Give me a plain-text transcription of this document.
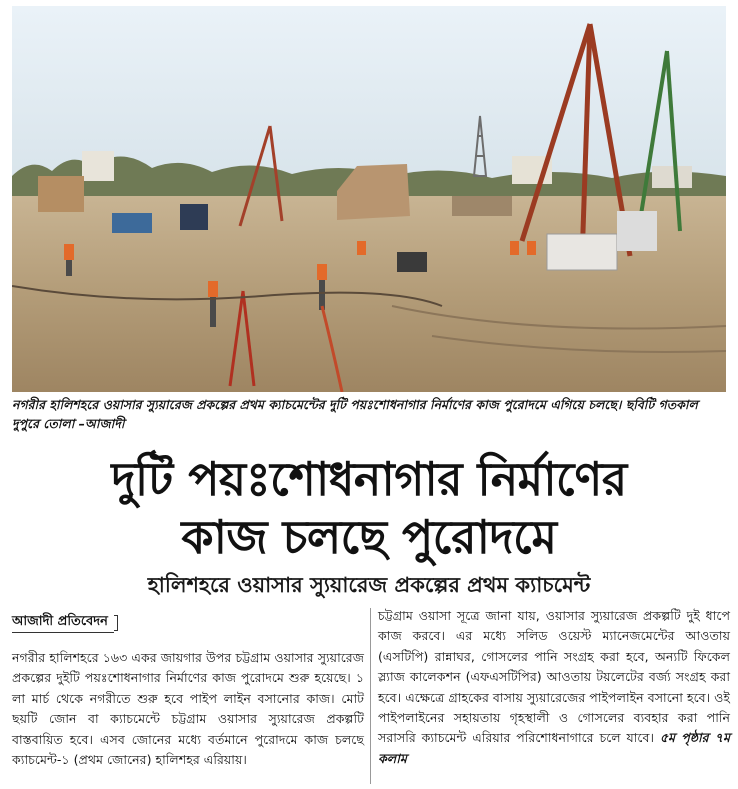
নগরীর হালিশহরে ওয়াসার স্যুয়ারেজ প্রকল্পের প্রথম ক্যাচমেন্টের দুটি পয়ঃশোধনাগার নির্মাণের কাজ পুরোদমে এগিয়ে চলছে। ছবিটি গতকাল দুপুরে তোলা –আজাদী
দুটি পয়ঃশোধনাগার নির্মাণের
কাজ চলছে পুরোদমে
হালিশহরে ওয়াসার স্যুয়ারেজ প্রকল্পের প্রথম ক্যাচমেন্ট
আজাদী প্রতিবেদন
নগরীর হালিশহরে ১৬৩ একর জায়গার উপর চট্টগ্রাম ওয়াসার স্যুয়ারেজ প্রকল্পের দুইটি পয়ঃশোধনাগার নির্মাণের কাজ পুরোদমে শুরু হয়েছে। ১ লা মার্চ থেকে নগরীতে শুরু হবে পাইপ লাইন বসানোর কাজ। মোট ছয়টি জোন বা ক্যাচমেন্টে চট্টগ্রাম ওয়াসার স্যুয়ারেজ প্রকল্পটি বাস্তবায়িত হবে। এসব জোনের মধ্যে বর্তমানে পুরোদমে কাজ চলছে ক্যাচমেন্ট-১ (প্রথম জোনের) হালিশহর এরিয়ায়।
চট্টগ্রাম ওয়াসা সূত্রে জানা যায়, ওয়াসার স্যুয়ারেজ প্রকল্পটি দুই ধাপে কাজ করবে। এর মধ্যে সলিড ওয়েস্ট ম্যানেজমেন্টের আওতায় (এসটিপি) রান্নাঘর, গোসলের পানি সংগ্রহ করা হবে, অন্যটি ফিকেল স্ল্যাজ কালেকশন (এফএসটিপির) আওতায় টয়লেটের বর্জ্য সংগ্রহ করা হবে। এক্ষেত্রে গ্রাহকের বাসায় স্যুয়ারেজের পাইপলাইন বসানো হবে। ওই পাইপলাইনের সহায়তায় গৃহস্থালী ও গোসলের ব্যবহার করা পানি সরাসরি ক্যাচমেন্ট এরিয়ার পরিশোধনাগারে চলে যাবে। ৫ম পৃষ্ঠার ৭ম কলাম
